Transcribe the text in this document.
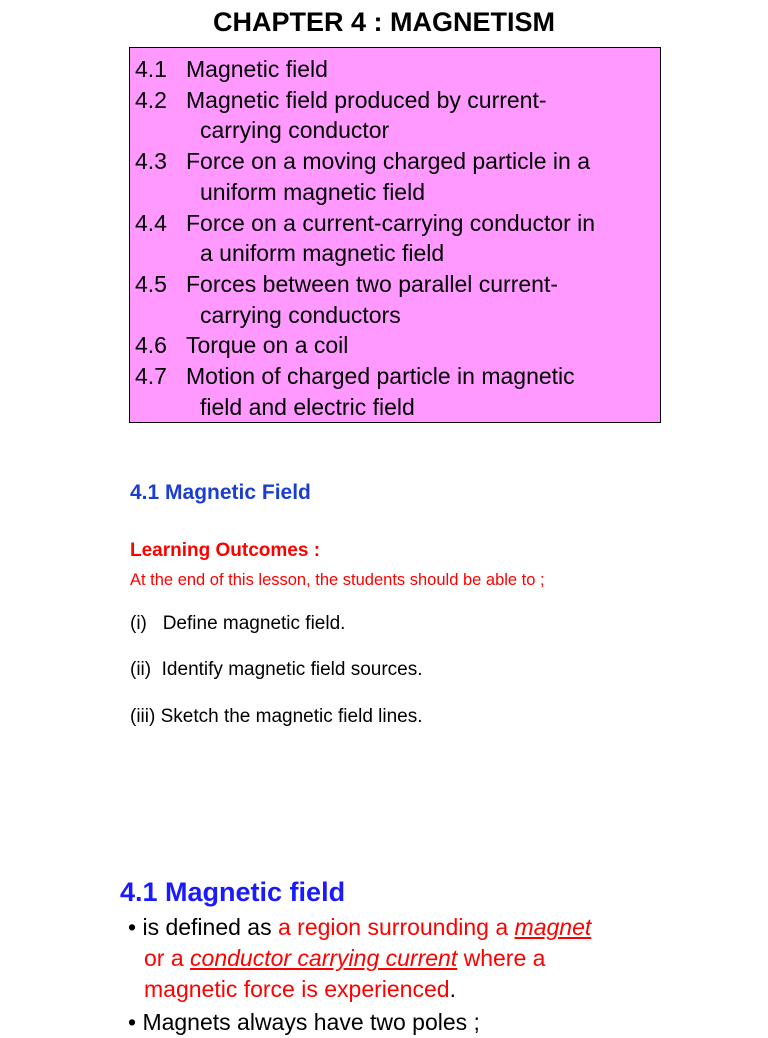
CHAPTER 4 : MAGNETISM
4.1 Magnetic field
4.2 Magnetic field produced by current-
carrying conductor
4.3 Force on a moving charged particle in a
uniform magnetic field
4.4 Force on a current-carrying conductor in
a uniform magnetic field
4.5 Forces between two parallel current-
carrying conductors
4.6 Torque on a coil
4.7 Motion of charged particle in magnetic
field and electric field
4.1 Magnetic Field
Learning Outcomes :
At the end of this lesson, the students should be able to ;
(i)   Define magnetic field.
(ii)  Identify magnetic field sources.
(iii) Sketch the magnetic field lines.
4.1 Magnetic field
• is defined as a region surrounding a magnet
or a conductor carrying current where a
magnetic force is experienced.
• Magnets always have two poles ;
